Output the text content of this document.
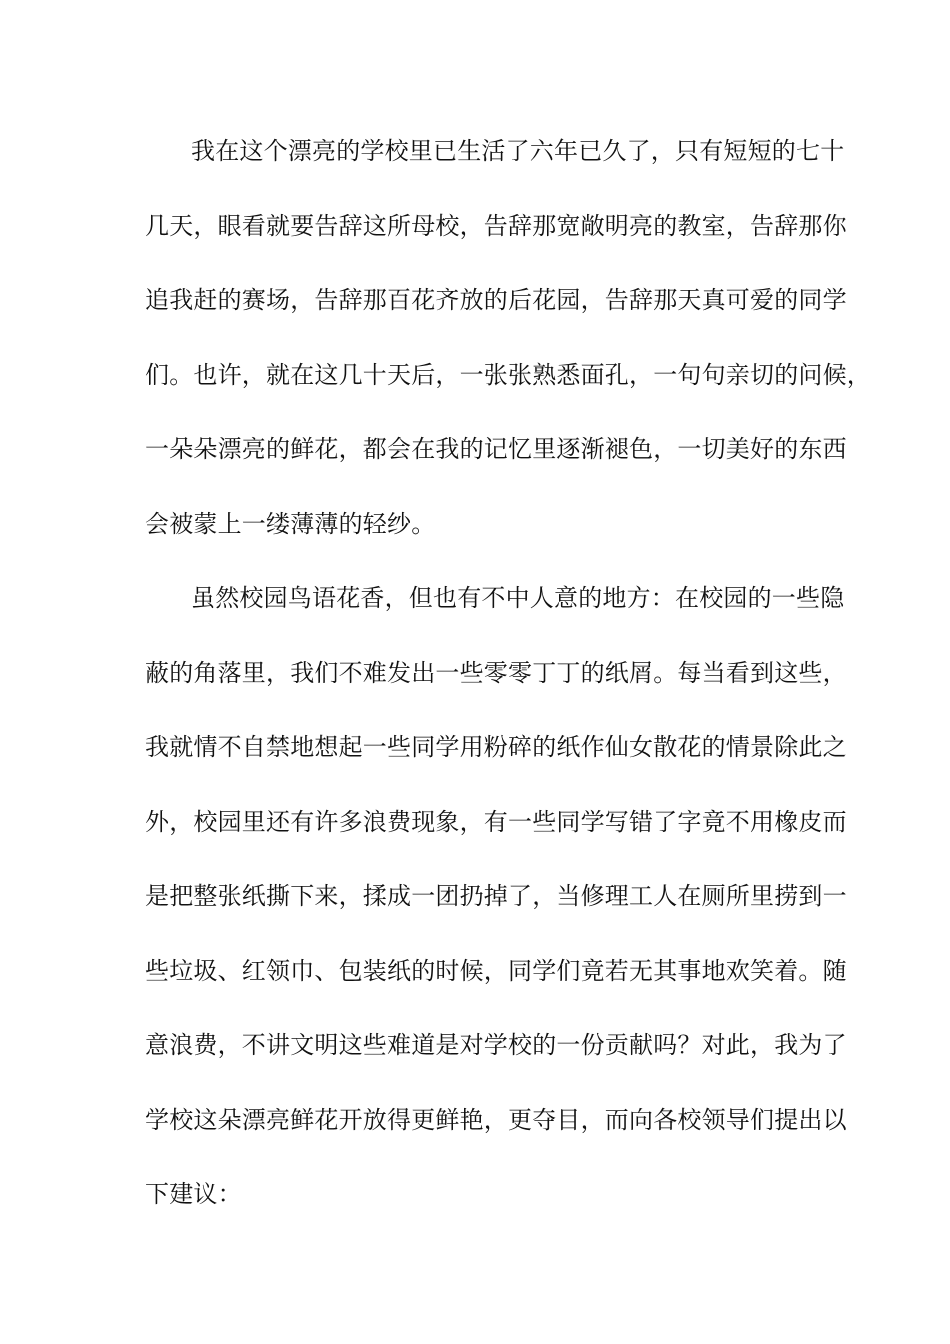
我在这个漂亮的学校里已生活了六年已久了，只有短短的七十
几天，眼看就要告辞这所母校，告辞那宽敞明亮的教室，告辞那你
追我赶的赛场，告辞那百花齐放的后花园，告辞那天真可爱的同学
们。也许，就在这几十天后，一张张熟悉面孔，一句句亲切的问候，
一朵朵漂亮的鲜花，都会在我的记忆里逐渐褪色，一切美好的东西
会被蒙上一缕薄薄的轻纱。

虽然校园鸟语花香，但也有不中人意的地方：在校园的一些隐
蔽的角落里，我们不难发出一些零零丁丁的纸屑。每当看到这些，
我就情不自禁地想起一些同学用粉碎的纸作仙女散花的情景除此之
外，校园里还有许多浪费现象，有一些同学写错了字竟不用橡皮而
是把整张纸撕下来，揉成一团扔掉了，当修理工人在厕所里捞到一
些垃圾、红领巾、包装纸的时候，同学们竟若无其事地欢笑着。随
意浪费，不讲文明这些难道是对学校的一份贡献吗？对此，我为了
学校这朵漂亮鲜花开放得更鲜艳，更夺目，而向各校领导们提出以
下建议：
